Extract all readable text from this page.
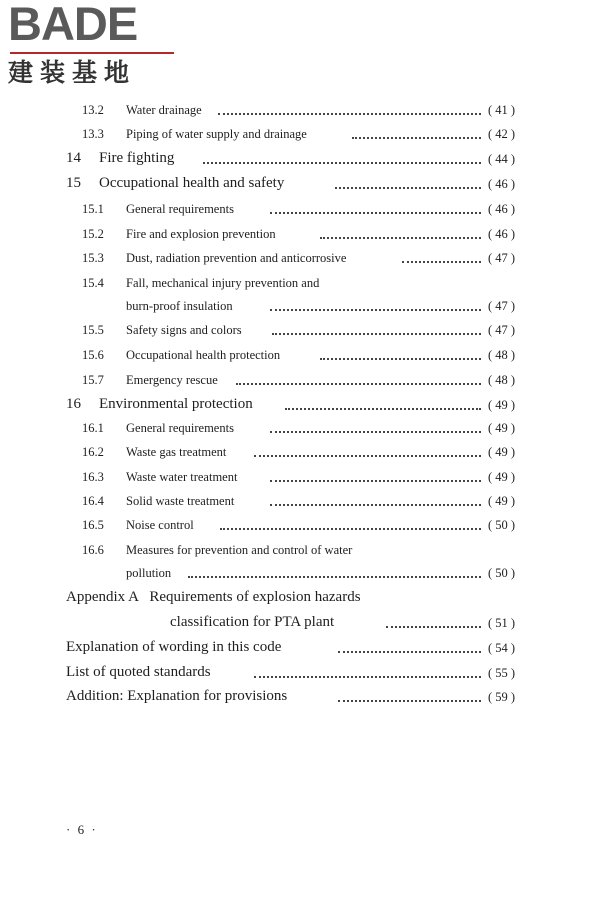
BADE
建装基地
13.2 Water drainage	( 41 )
13.3 Piping of water supply and drainage	( 42 )
14 Fire fighting	( 44 )
15 Occupational health and safety	( 46 )
15.1 General requirements	( 46 )
15.2 Fire and explosion prevention	( 46 )
15.3 Dust, radiation prevention and anticorrosive	( 47 )
15.4 Fall, mechanical injury prevention and
burn-proof insulation	( 47 )
15.5 Safety signs and colors	( 47 )
15.6 Occupational health protection	( 48 )
15.7 Emergency rescue	( 48 )
16 Environmental protection	( 49 )
16.1 General requirements	( 49 )
16.2 Waste gas treatment	( 49 )
16.3 Waste water treatment	( 49 )
16.4 Solid waste treatment	( 49 )
16.5 Noise control	( 50 )
16.6 Measures for prevention and control of water
pollution	( 50 )
Appendix A   Requirements of explosion hazards
classification for PTA plant	( 51 )
Explanation of wording in this code	( 54 )
List of quoted standards	( 55 )
Addition: Explanation for provisions	( 59 )
· 6 ·
